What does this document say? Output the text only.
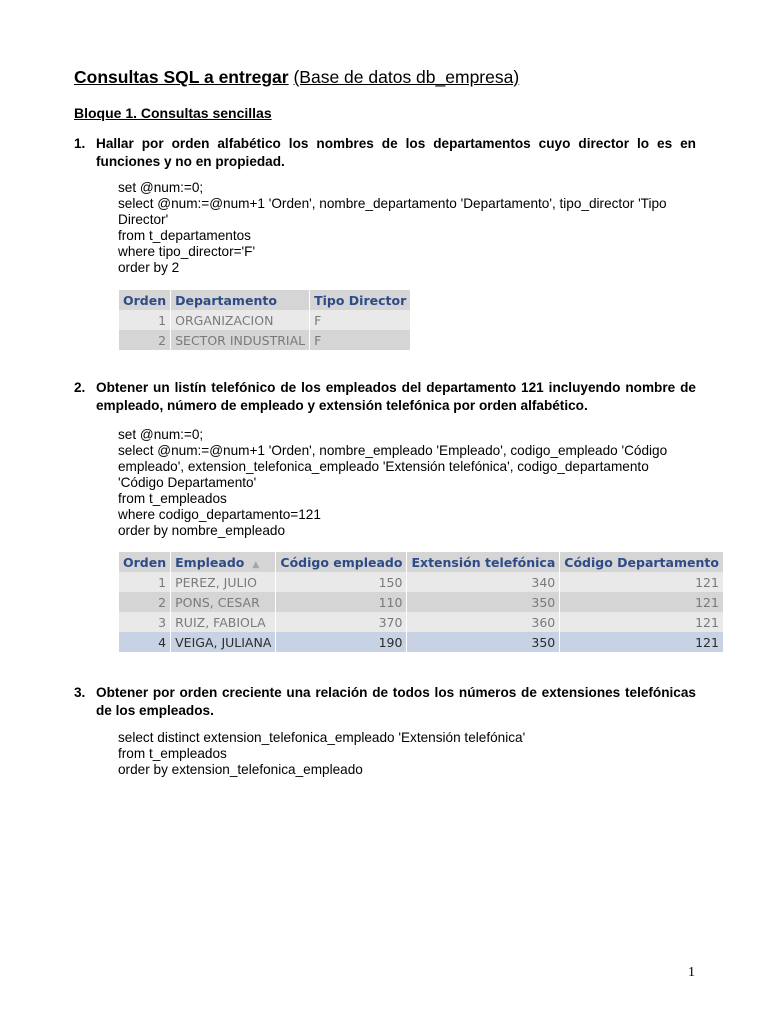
Consultas SQL a entregar (Base de datos db_empresa)
Bloque 1. Consultas sencillas
1. Hallar por orden alfabético los nombres de los departamentos cuyo director lo es en funciones y no en propiedad.
set @num:=0;
select @num:=@num+1 'Orden', nombre_departamento 'Departamento', tipo_director 'Tipo Director'
from t_departamentos
where tipo_director='F'
order by 2
Orden	Departamento	Tipo Director
1	ORGANIZACION	F
2	SECTOR INDUSTRIAL	F
2. Obtener un listín telefónico de los empleados del departamento 121 incluyendo nombre de empleado, número de empleado y extensión telefónica por orden alfabético.
set @num:=0;
select @num:=@num+1 'Orden', nombre_empleado 'Empleado', codigo_empleado 'Código empleado', extension_telefonica_empleado 'Extensión telefónica', codigo_departamento 'Código Departamento'
from t_empleados
where codigo_departamento=121
order by nombre_empleado
Orden	Empleado ▲	Código empleado	Extensión telefónica	Código Departamento
1	PEREZ, JULIO	150	340	121
2	PONS, CESAR	110	350	121
3	RUIZ, FABIOLA	370	360	121
4	VEIGA, JULIANA	190	350	121
3. Obtener por orden creciente una relación de todos los números de extensiones telefónicas de los empleados.
select distinct extension_telefonica_empleado 'Extensión telefónica'
from t_empleados
order by extension_telefonica_empleado
1
